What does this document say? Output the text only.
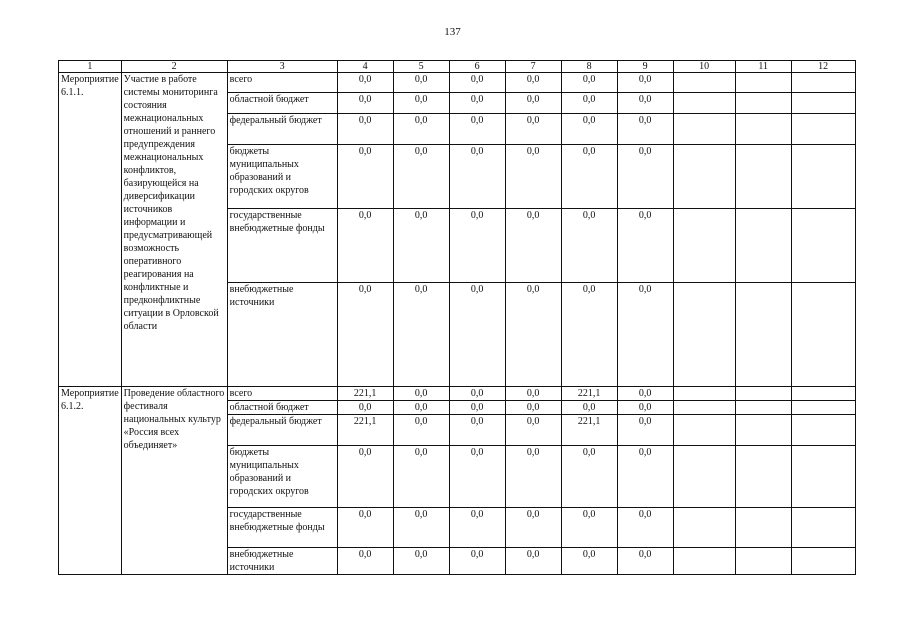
137
1	2	3	4	5	6	7	8	9	10	11	12
Мероприятие 6.1.1.	Участие в работе системы мониторинга состояния межнациональных отношений и раннего предупреждения межнациональных конфликтов, базирующейся на диверсификации источников информации и предусматривающей возможность оперативного реагирования на конфликтные и предконфликтные ситуации в Орловской области	всего	0,0	0,0	0,0	0,0	0,0	0,0			
		областной бюджет	0,0	0,0	0,0	0,0	0,0	0,0			
		федеральный бюджет	0,0	0,0	0,0	0,0	0,0	0,0			
		бюджеты муниципальных образований и городских округов	0,0	0,0	0,0	0,0	0,0	0,0			
		государственные внебюджетные фонды	0,0	0,0	0,0	0,0	0,0	0,0			
		внебюджетные источники	0,0	0,0	0,0	0,0	0,0	0,0			
Мероприятие 6.1.2.	Проведение областного фестиваля национальных культур «Россия всех объединяет»	всего	221,1	0,0	0,0	0,0	221,1	0,0			
		областной бюджет	0,0	0,0	0,0	0,0	0,0	0,0			
		федеральный бюджет	221,1	0,0	0,0	0,0	221,1	0,0			
		бюджеты муниципальных образований и городских округов	0,0	0,0	0,0	0,0	0,0	0,0			
		государственные внебюджетные фонды	0,0	0,0	0,0	0,0	0,0	0,0			
		внебюджетные источники	0,0	0,0	0,0	0,0	0,0	0,0			
